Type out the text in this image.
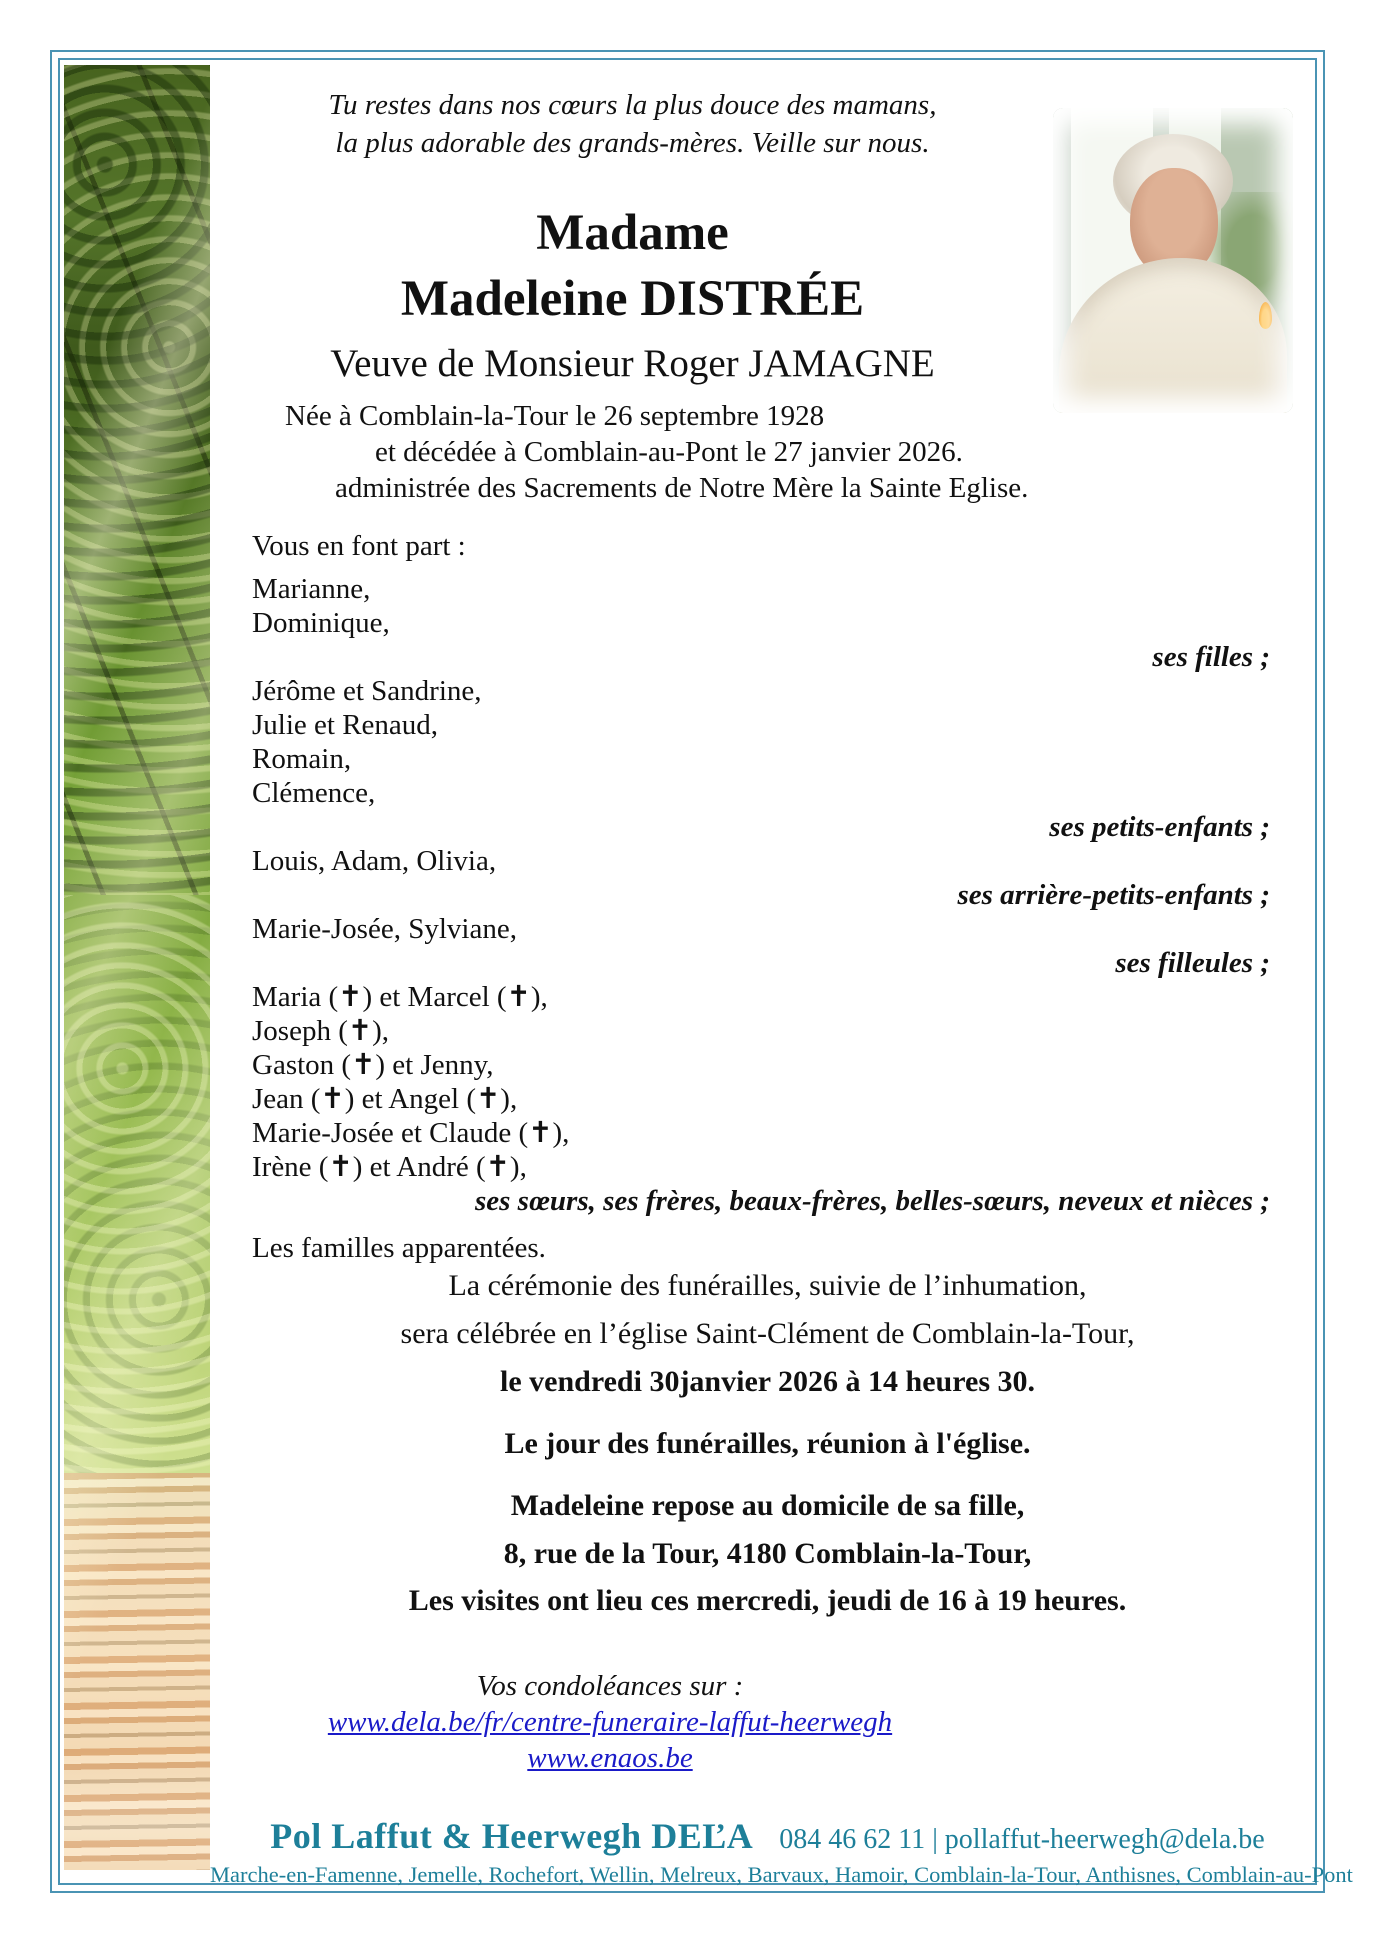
Tu restes dans nos cœurs la plus douce des mamans,
la plus adorable des grands-mères. Veille sur nous.
Madame
Madeleine DISTRÉE
Veuve de Monsieur Roger JAMAGNE
Née à Comblain-la-Tour le 26 septembre 1928
et décédée à Comblain-au-Pont le 27 janvier 2026.
administrée des Sacrements de Notre Mère la Sainte Eglise.
Vous en font part :
Marianne,
Dominique,
ses filles ;
Jérôme et Sandrine,
Julie et Renaud,
Romain,
Clémence,
ses petits-enfants ;
Louis, Adam, Olivia,
ses arrière-petits-enfants ;
Marie-Josée, Sylviane,
ses filleules ;
Maria (✝) et Marcel (✝),
Joseph (✝),
Gaston (✝) et Jenny,
Jean (✝) et Angel (✝),
Marie-Josée et Claude (✝),
Irène (✝) et André (✝),
ses sœurs, ses frères, beaux-frères, belles-sœurs, neveux et nièces ;
Les familles apparentées.
La cérémonie des funérailles, suivie de l’inhumation,
sera célébrée en l’église Saint-Clément de Comblain-la-Tour,
le vendredi 30janvier 2026 à 14 heures 30.
Le jour des funérailles, réunion à l'église.
Madeleine repose au domicile de sa fille,
8, rue de la Tour, 4180 Comblain-la-Tour,
Les visites ont lieu ces mercredi, jeudi de 16 à 19 heures.
Vos condoléances sur :
www.dela.be/fr/centre-funeraire-laffut-heerwegh
www.enaos.be
Pol Laffut & Heerwegh DEĽA 084 46 62 11 | pollaffut-heerwegh@dela.be
Marche-en-Famenne, Jemelle, Rochefort, Wellin, Melreux, Barvaux, Hamoir, Comblain-la-Tour, Anthisnes, Comblain-au-Pont
